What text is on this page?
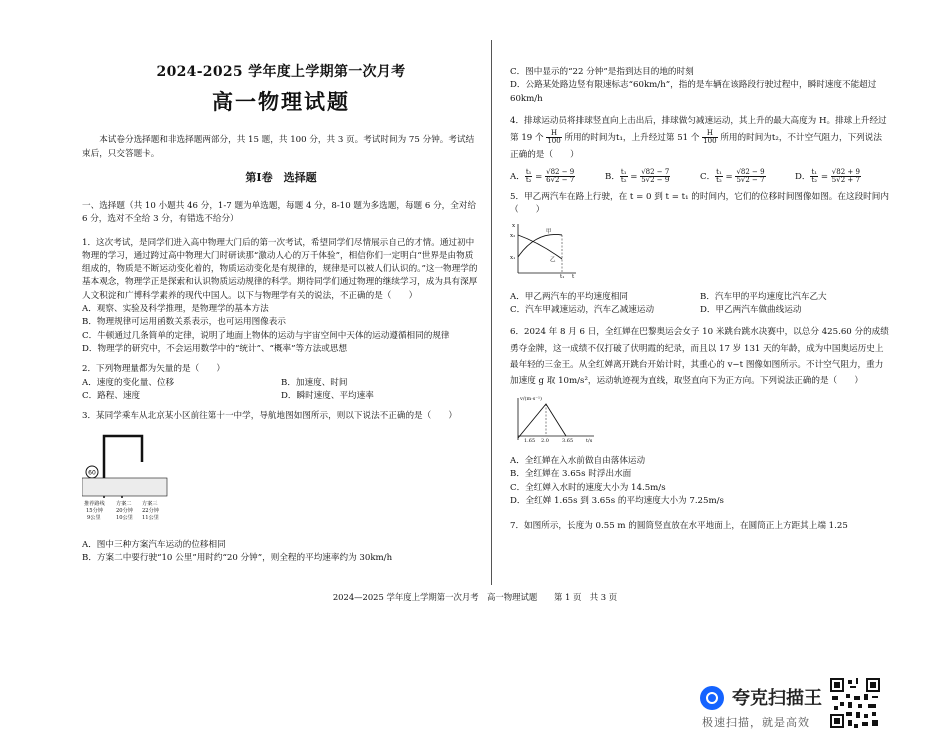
2024-2025 学年度上学期第一次月考
高一物理试题
本试卷分选择题和非选择题两部分，共 15 题，共 100 分，共 3 页。考试时间为 75 分钟。考试结束后，只交答题卡。
第Ⅰ卷　选择题
一、选择题（共 10 小题共 46 分，1-7 题为单选题，每题 4 分，8-10 题为多选题，每题 6 分，全对给 6 分，选对不全给 3 分，有错选不给分）
1．这次考试，是同学们进入高中物理大门后的第一次考试，希望同学们尽情展示自己的才情。通过初中物理的学习，通过跨过高中物理大门时研读那“激动人心的万千体验”，相信你们一定明白“世界是由物质组成的，物质是不断运动变化着的，物质运动变化是有规律的，规律是可以被人们认识的。”这一物理学的基本观念，物理学正是探索和认识物质运动规律的科学。期待同学们通过物理的继续学习，成为具有深厚人文积淀和广博科学素养的现代中国人。以下与物理学有关的说法，不正确的是（　　）
A．观察、实验及科学推理，是物理学的基本方法
B．物理规律可运用函数关系表示，也可运用图像表示
C．牛顿通过几条简单的定律，说明了地面上物体的运动与宇宙空间中天体的运动遵循相同的规律
D．物理学的研究中，不会运用数学中的“统计”、“概率”等方法或思想
2．下列物理量都为矢量的是（　　）
A．速度的变化量、位移	B．加速度、时间
C．路程、速度	D．瞬时速度、平均速率
3．某同学乘车从北京某小区前往第十一中学，导航地图如图所示，则以下说法不正确的是（　　）
60
推荐路线
15分钟
9公里
方案二
20分钟
10公里
方案三
22分钟
11公里
A．图中三种方案汽车运动的位移相同
B．方案二中要行驶“10 公里”用时约“20 分钟”，则全程的平均速率约为 30km/h
C．图中显示的“22 分钟”是指到达目的地的时刻
D．公路某处路边竖有限速标志“60km/h”，指的是车辆在该路段行驶过程中，瞬时速度不能超过 60km/h
4．排球运动员将排球竖直向上击出后，排球做匀减速运动，其上升的最大高度为 H。排球上升经过第 19 个 $\frac{H}{100}$ 所用的时间为t₁，上升经过第 51 个 $\frac{H}{100}$ 所用的时间为t₂，不计空气阻力，下列说法正确的是（　　）
A． $\frac{\text{t₁}}{\text{t₂}} = \frac{√82 - 9}{6√2 - 7}$	B． $\frac{\text{t₁}}{\text{t₂}} = \frac{√82 - 7}{5√2 - 9}$	C． $\frac{\text{t₁}}{\text{t₂}} = \frac{√82 - 9}{5√2 - 7}$	D． $\frac{\text{t₁}}{\text{t₂}} = \frac{√82 + 9}{5√2 + 7}$
5．甲乙两汽车在路上行驶，在 t = 0 到 t = t₁ 的时间内，它们的位移时间图像如图。在这段时间内（　　）
x
t
甲
乙
t₁
x₂
x₁
A．甲乙两汽车的平均速度相同	B．汽车甲的平均速度比汽车乙大
C．汽车甲减速运动，汽车乙减速运动	D．甲乙两汽车做曲线运动
6．2024 年 8 月 6 日，全红婵在巴黎奥运会女子 10 米跳台跳水决赛中，以总分 425.60 分的成绩勇夺金牌，这一成绩不仅打破了伏明霞的纪录，而且以 17 岁 131 天的年龄，成为中国奥运历史上最年轻的三金王。从全红婵离开跳台开始计时，其重心的 v−t 图像如图所示。不计空气阻力，重力加速度 g 取 10m/s²，运动轨迹视为直线，取竖直向下为正方向。下列说法正确的是（　　）
v/(m·s⁻¹)
t/s
1.65 2.0	3.65
A．全红婵在入水前做自由落体运动
B．全红婵在 3.65s 时浮出水面
C．全红婵入水时的速度大小为 14.5m/s
D．全红婵 1.65s 到 3.65s 的平均速度大小为 7.25m/s
7．如图所示，长度为 0.55 m 的圆筒竖直放在水平地面上，在圆筒正上方距其上端 1.25
2024—2025 学年度上学期第一次月考　高一物理试题　　第 1 页　共 3 页
夸克扫描王
极速扫描，就是高效
